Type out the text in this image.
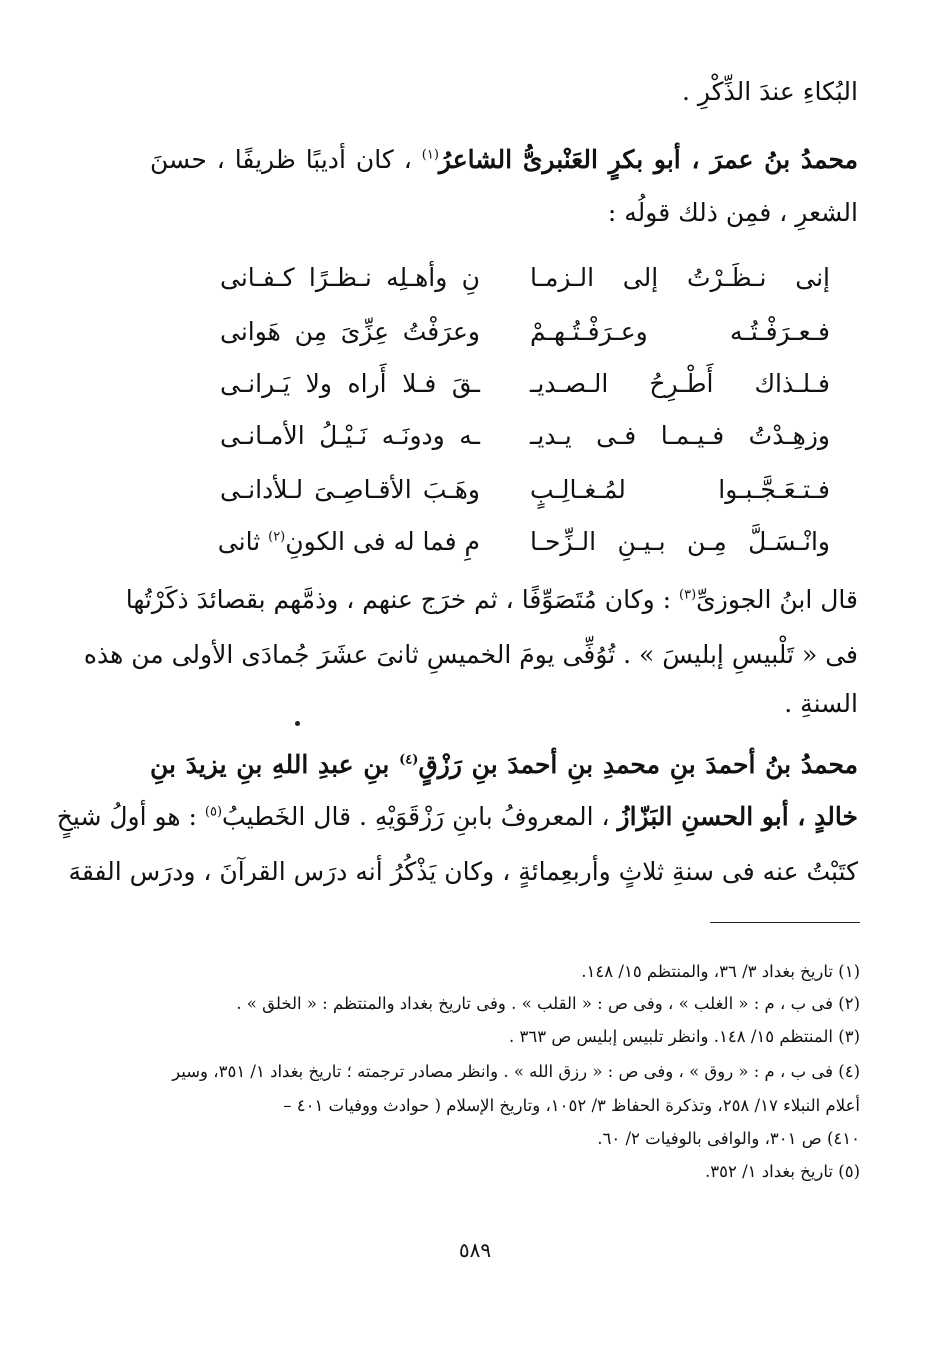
البُكاءِ عندَ الذِّكْرِ .
محمدُ بنُ عمرَ ، أبو بكرٍ العَنْبرىُّ الشاعرُ$^{(١)}$ ، كان أديبًا ظريفًا ، حسنَ
الشعرِ ، فمِن ذلك قولُه :
إنى نـظَـرْتُ إلى الـزمـا
نِ وأهـلِه نـظـرًا كـفـانى
فـعـرَفْـتُـه وعـرَفْـتُـهـمْ
وعرَفْتُ عِزِّىَ مِن هَوانى
فـلـذاك أَطْـرِحُ الـصـديـ
ـقَ فـلا أَراه ولا يَـرانـى
وزهِـدْتُ فـيـمـا فـى يـديـ
ـه ودونَـه نَـيْـلُ الأمـانـى
فـتـعَـجَّـبـوا لمُـغـالِـبٍ
وهَـبَ الأقـاصِـىَ لـلأدانـى
وانْـسَـلَّ مِـن بـيـنِ الـزِّحـا
مِ فما له فى الكونِ$^{(٢)}$ ثانى
قال ابنُ الجوزىِّ$^{(٣)}$ : وكان مُتَصَوِّفًا ، ثم خرَج عنهم ، وذمَّهم بقصائدَ ذكَرْتُها
فى « تَلْبيسِ إبليسَ » . تُوُفِّى يومَ الخميسِ ثانىَ عشَرَ جُمادَى الأولى من هذه
السنةِ .
محمدُ بنُ أحمدَ بنِ محمدِ بنِ أحمدَ بنِ رَزْقٍ$^{(٤)}$ بنِ عبدِ اللهِ بنِ يزيدَ بنِ
خالدٍ ، أبو الحسنِ البَزّازُ ، المعروفُ بابنِ رَزْقَوَيْهِ . قال الخَطيبُ$^{(٥)}$ : هو أولُ شيخٍ
كتَبْتُ عنه فى سنةِ ثلاثٍ وأربعِمائةٍ ، وكان يَذْكُرُ أنه درَس القرآنَ ، ودرَس الفقهَ
(١) تاريخ بغداد ٣/ ٣٦، والمنتظم ١٥/ ١٤٨.
(٢) فى ب ، م : « الغلب » ، وفى ص : « القلب » . وفى تاريخ بغداد والمنتظم : « الخلق » .
(٣) المنتظم ١٥/ ١٤٨. وانظر تلبيس إبليس ص ٣٦٣ .
(٤) فى ب ، م : « روق » ، وفى ص : « رزق الله » . وانظر مصادر ترجمته ؛ تاريخ بغداد ١/ ٣٥١، وسير
أعلام النبلاء ١٧/ ٢٥٨، وتذكرة الحفاظ ٣/ ١٠٥٢، وتاريخ الإسلام ( حوادث ووفيات ٤٠١ –
٤١٠) ص ٣٠١، والوافى بالوفيات ٢/ ٦٠.
(٥) تاريخ بغداد ١/ ٣٥٢.
٥٨٩
